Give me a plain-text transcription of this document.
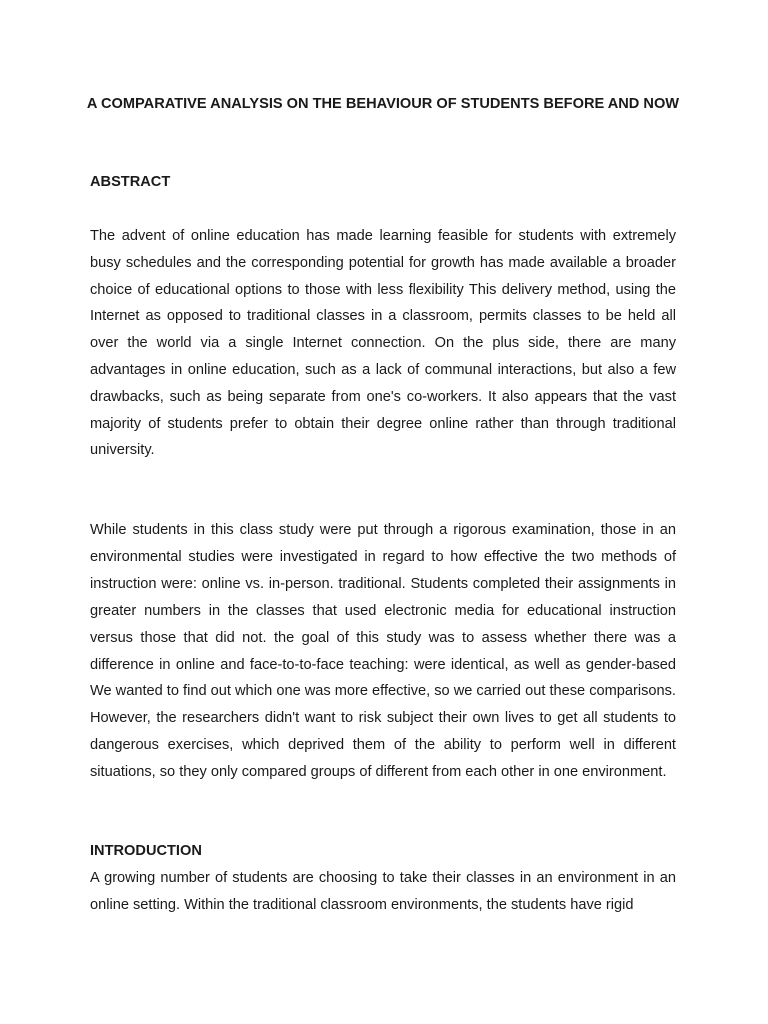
A COMPARATIVE ANALYSIS ON THE BEHAVIOUR OF STUDENTS BEFORE AND NOW
ABSTRACT

The advent of online education has made learning feasible for students with extremely busy schedules and the corresponding potential for growth has made available a broader choice of educational options to those with less flexibility This delivery method, using the Internet as opposed to traditional classes in a classroom, permits classes to be held all over the world via a single Internet connection. On the plus side, there are many advantages in online education, such as a lack of communal interactions, but also a few drawbacks, such as being separate from one's co-workers. It also appears that the vast majority of students prefer to obtain their degree online rather than through traditional university.

While students in this class study were put through a rigorous examination, those in an environmental studies were investigated in regard to how effective the two methods of instruction were: online vs. in-person. traditional. Students completed their assignments in greater numbers in the classes that used electronic media for educational instruction versus those that did not. the goal of this study was to assess whether there was a difference in online and face-to-to-face teaching: were identical, as well as gender-based We wanted to find out which one was more effective, so we carried out these comparisons. However, the researchers didn't want to risk subject their own lives to get all students to dangerous exercises, which deprived them of the ability to perform well in different situations, so they only compared groups of different from each other in one environment.

INTRODUCTION

A growing number of students are choosing to take their classes in an environment in an online setting. Within the traditional classroom environments, the students have rigid
